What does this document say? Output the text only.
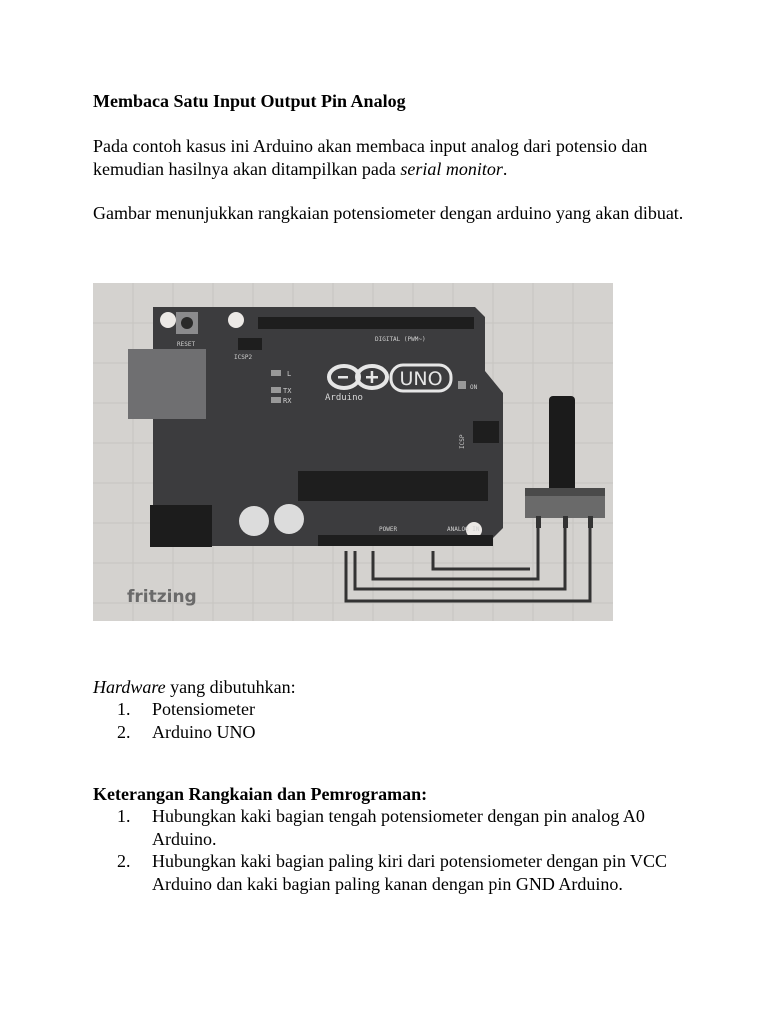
Membaca Satu Input Output Pin Analog
Pada contoh kasus ini Arduino akan membaca input analog dari potensio dan kemudian hasilnya akan ditampilkan pada serial monitor.
Gambar menunjukkan rangkaian potensiometer dengan arduino yang akan dibuat.
RESET
ICSP2
DIGITAL (PWM~)
L
TX
RX
UNO
Arduino
ON
ICSP
POWER	ANALOG IN
fritzing
Hardware yang dibutuhkan:
1. Potensiometer
2. Arduino UNO
Keterangan Rangkaian dan Pemrograman:
1. Hubungkan kaki bagian tengah potensiometer dengan pin analog A0 Arduino.
2. Hubungkan kaki bagian paling kiri dari potensiometer dengan pin VCC Arduino dan kaki bagian paling kanan dengan pin GND Arduino.
